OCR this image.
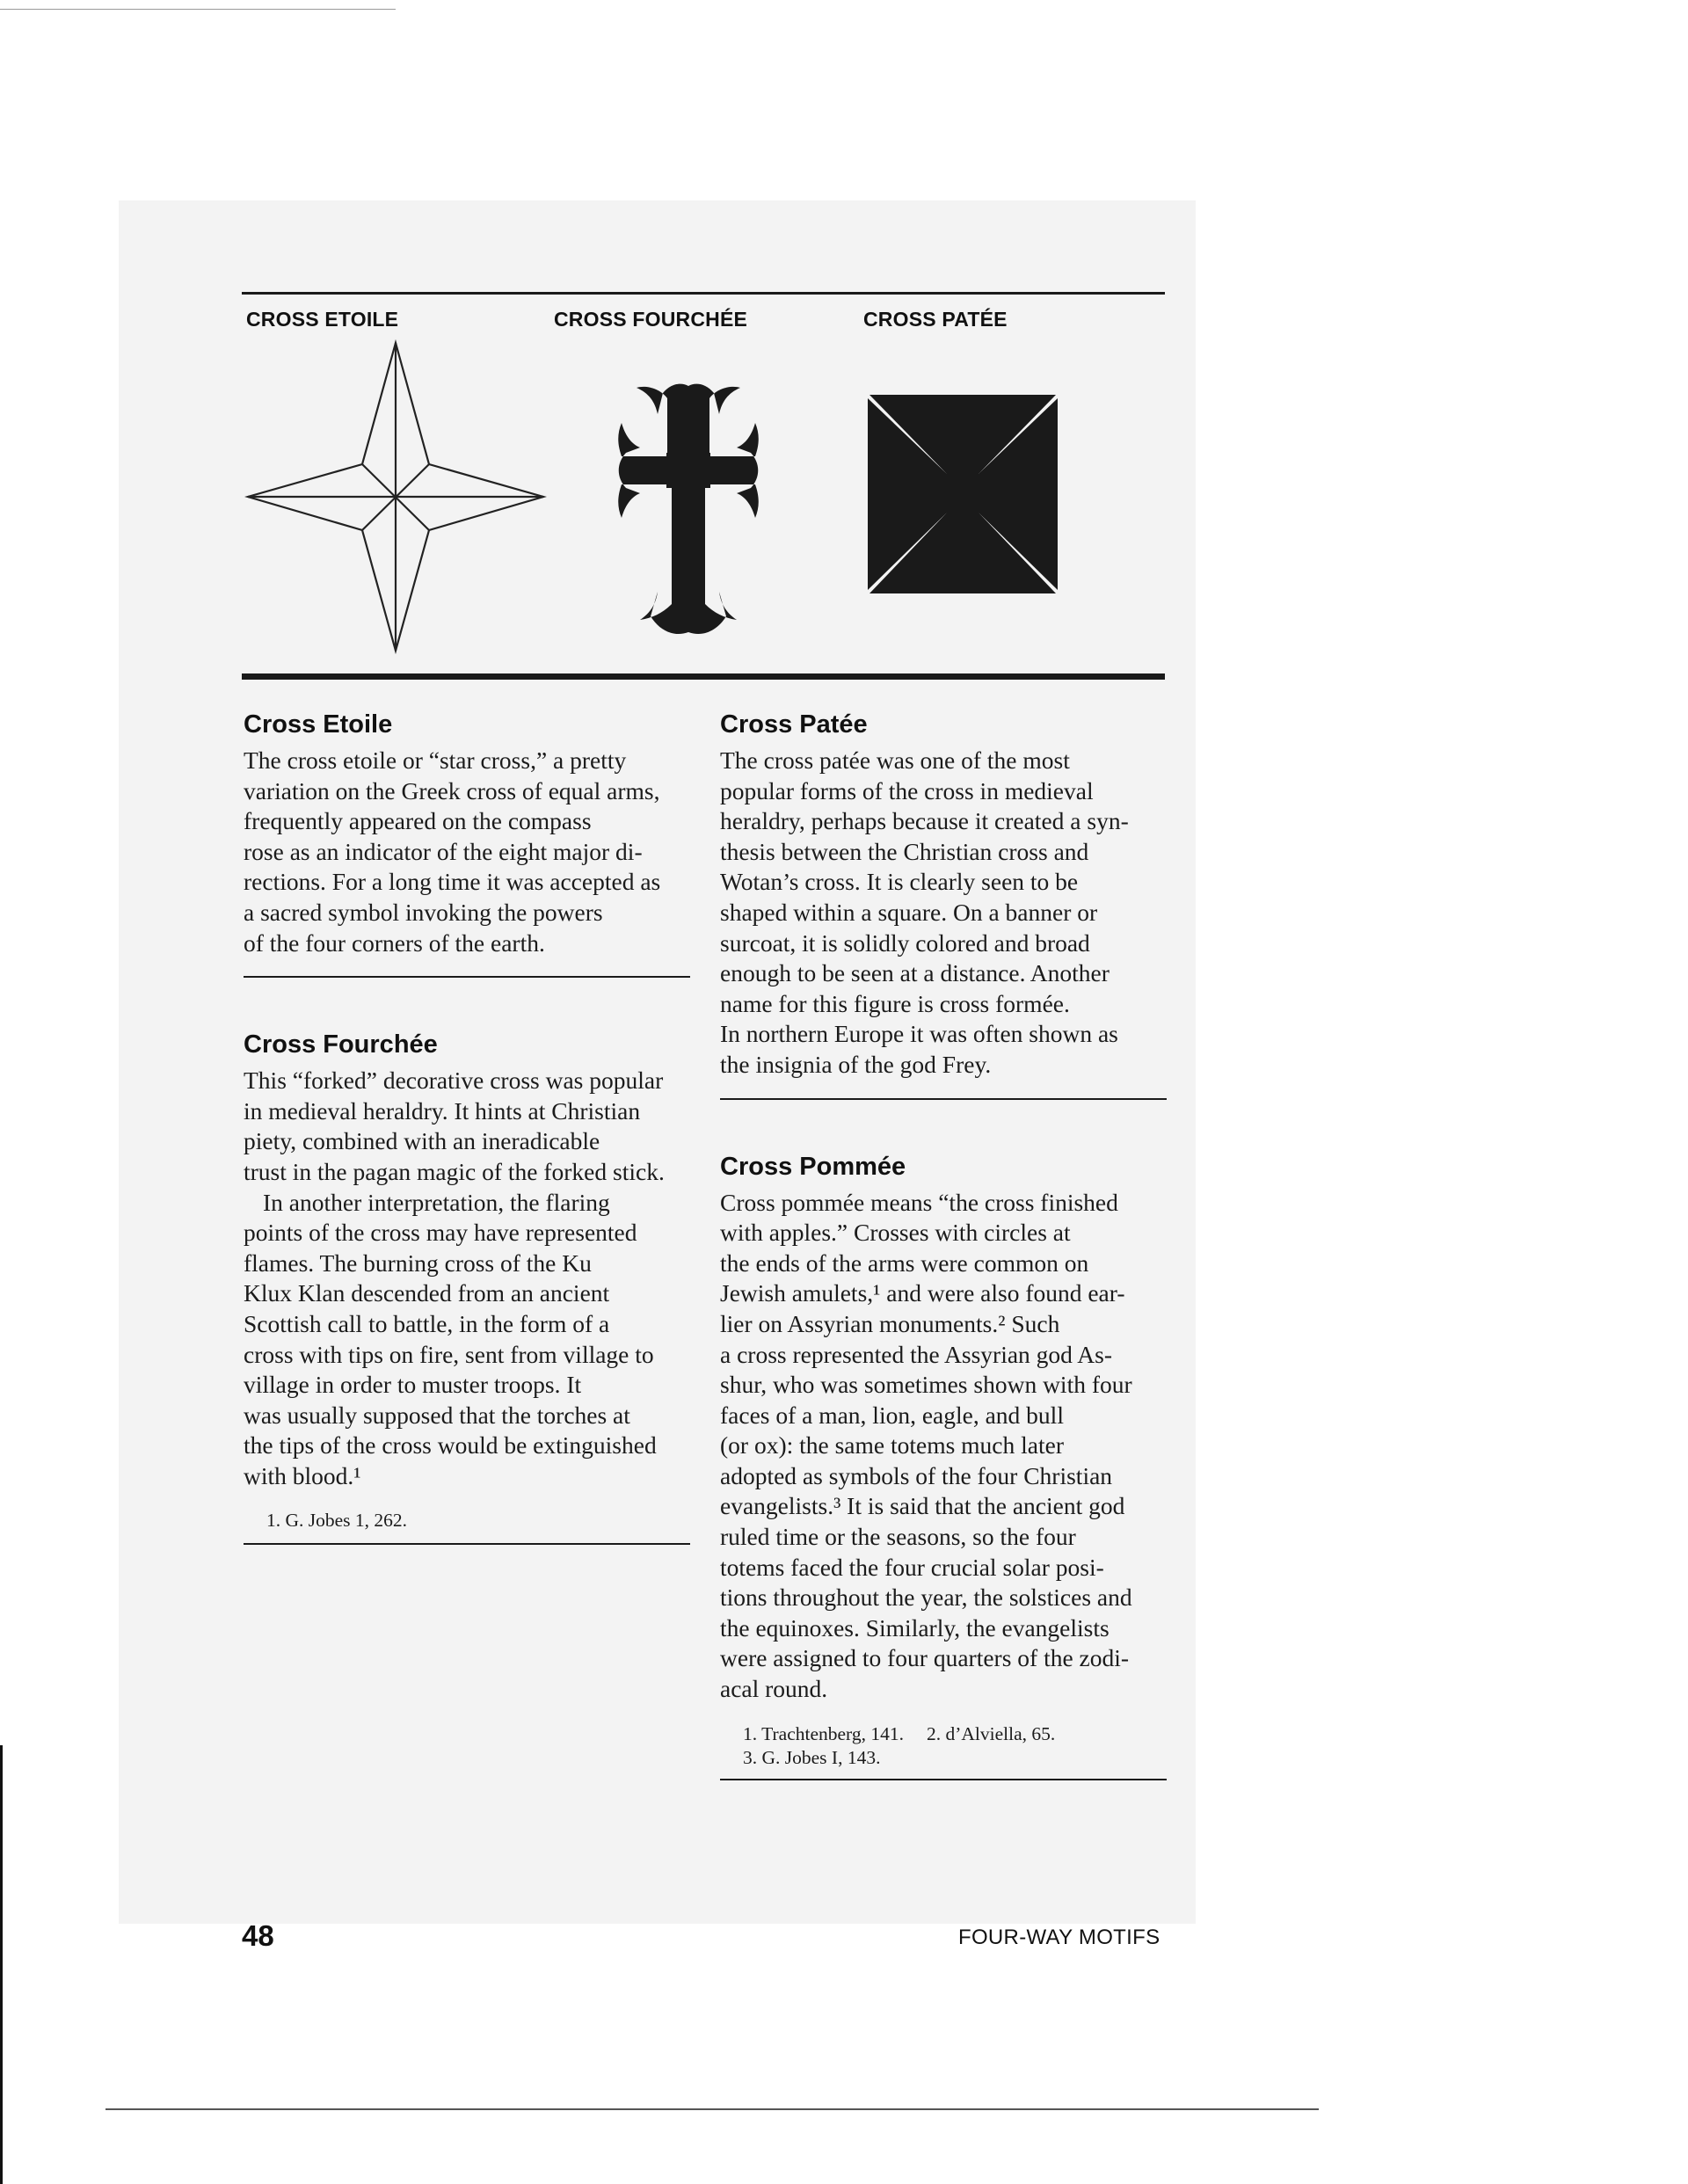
CROSS ETOILE	CROSS FOURCHÉE	CROSS PATÉE
Cross Etoile

The cross etoile or “star cross,” a pretty

variation on the Greek cross of equal arms,

frequently appeared on the compass

rose as an indicator of the eight major di-

rections. For a long time it was accepted as

a sacred symbol invoking the powers

of the four corners of the earth.

Cross Fourchée

This “forked” decorative cross was popular

in medieval heraldry. It hints at Christian

piety, combined with an ineradicable

trust in the pagan magic of the forked stick.

In another interpretation, the flaring

points of the cross may have represented

flames. The burning cross of the Ku

Klux Klan descended from an ancient

Scottish call to battle, in the form of a

cross with tips on fire, sent from village to

village in order to muster troops. It

was usually supposed that the torches at

the tips of the cross would be extinguished

with blood.¹

1. G. Jobes 1, 262.
Cross Patée

The cross patée was one of the most

popular forms of the cross in medieval

heraldry, perhaps because it created a syn-

thesis between the Christian cross and

Wotan’s cross. It is clearly seen to be

shaped within a square. On a banner or

surcoat, it is solidly colored and broad

enough to be seen at a distance. Another

name for this figure is cross formée.

In northern Europe it was often shown as

the insignia of the god Frey.

Cross Pommée

Cross pommée means “the cross finished

with apples.” Crosses with circles at

the ends of the arms were common on

Jewish amulets,¹ and were also found ear-

lier on Assyrian monuments.² Such

a cross represented the Assyrian god As-

shur, who was sometimes shown with four

faces of a man, lion, eagle, and bull

(or ox): the same totems much later

adopted as symbols of the four Christian

evangelists.³ It is said that the ancient god

ruled time or the seasons, so the four

totems faced the four crucial solar posi-

tions throughout the year, the solstices and

the equinoxes. Similarly, the evangelists

were assigned to four quarters of the zodi-

acal round.

1. Trachtenberg, 141. 2. d’Alviella, 65.
3. G. Jobes I, 143.
48	FOUR-WAY MOTIFS
